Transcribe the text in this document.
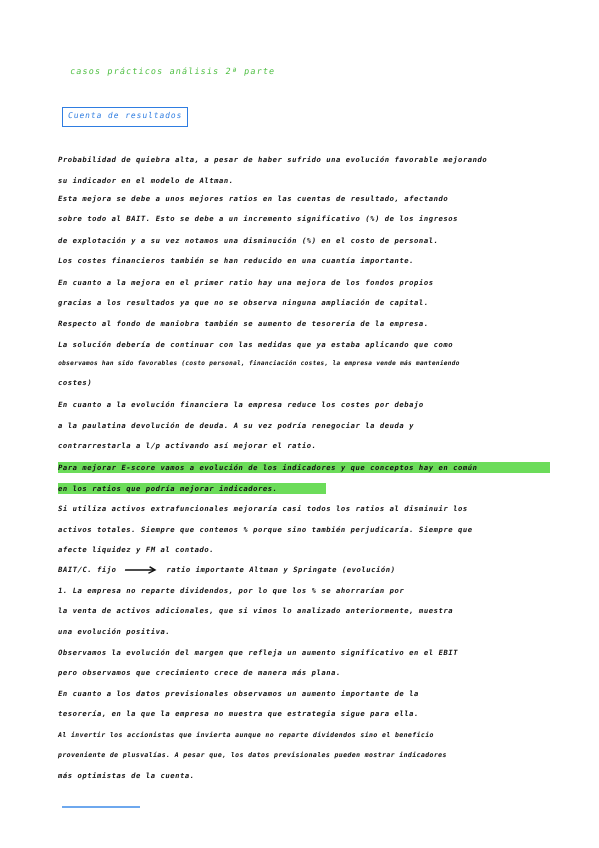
casos prácticos análisis 2ª parte
Cuenta de resultados
Probabilidad de quiebra alta, a pesar de haber sufrido una evolución favorable mejorando
su indicador en el modelo de Altman.
Esta mejora se debe a unos mejores ratios en las cuentas de resultado, afectando
sobre todo al BAIT. Esto se debe a un incremento significativo (%) de los ingresos
de explotación y a su vez notamos una disminución (%) en el costo de personal.
Los costes financieros también se han reducido en una cuantía importante.
En cuanto a la mejora en el primer ratio hay una mejora de los fondos propios
gracias a los resultados ya que no se observa ninguna ampliación de capital.
Respecto al fondo de maniobra también se aumento de tesorería de la empresa.
La solución debería de continuar con las medidas que ya estaba aplicando que como
observamos han sido favorables (costo personal, financiación costes, la empresa vende más manteniendo
costes)
En cuanto a la evolución financiera la empresa reduce los costes por debajo
a la paulatina devolución de deuda. A su vez podría renegociar la deuda y
contrarrestarla a l/p activando así mejorar el ratio.
Para mejorar E-score vamos a evolución de los indicadores y que conceptos hay en común
en los ratios que podría mejorar indicadores.
Si utiliza activos extrafuncionales mejoraría casi todos los ratios al disminuir los
activos totales. Siempre que contemos % porque sino también perjudicaría. Siempre que
afecte liquidez y FM al contado.
BAIT/C. fijo	ratio importante Altman y Springate (evolución)
1. La empresa no reparte dividendos, por lo que los % se ahorrarían por
la venta de activos adicionales, que si vimos lo analizado anteriormente, muestra
una evolución positiva.
Observamos la evolución del margen que refleja un aumento significativo en el EBIT
pero observamos que crecimiento crece de manera más plana.
En cuanto a los datos previsionales observamos un aumento importante de la
tesorería, en la que la empresa no muestra que estrategia sigue para ella.
Al invertir los accionistas que invierta aunque no reparte dividendos sino el beneficio
proveniente de plusvalías. A pesar que, los datos previsionales pueden mostrar indicadores
más optimistas de la cuenta.
